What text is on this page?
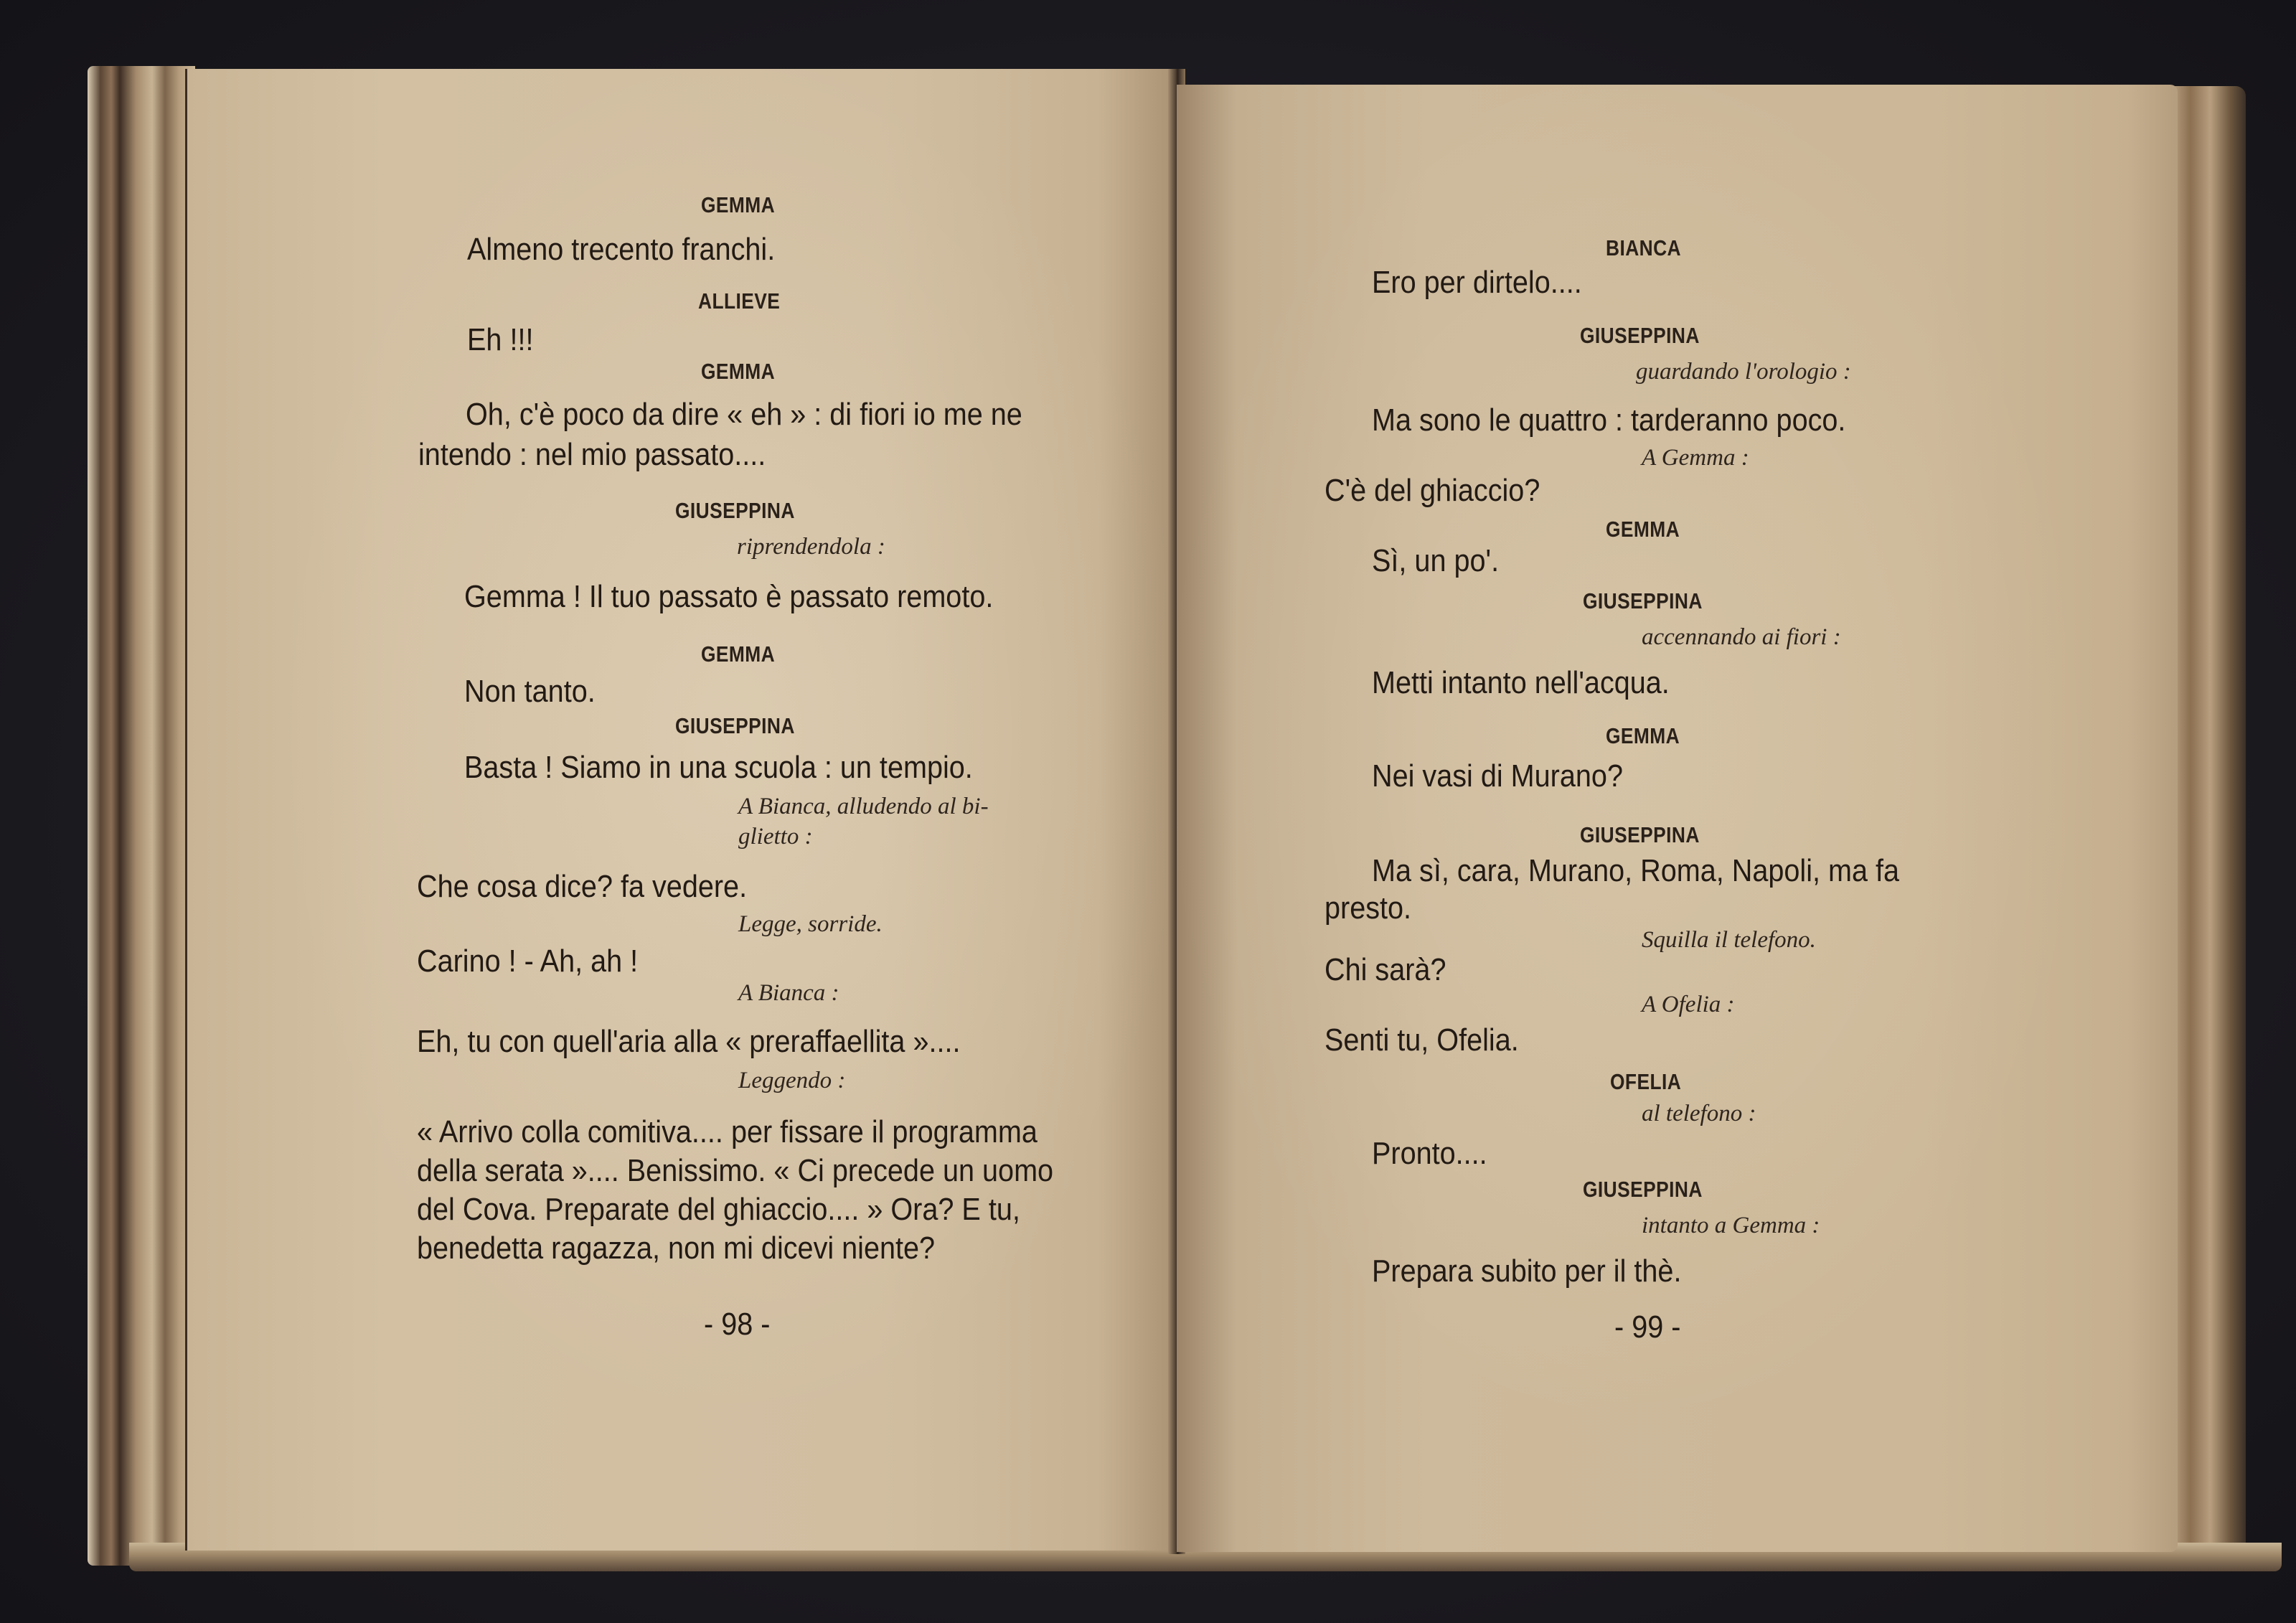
GEMMA
Almeno trecento franchi.
ALLIEVE
Eh !!!
GEMMA
Oh, c'è poco da dire « eh » : di fiori io me ne
intendo : nel mio passato....
GIUSEPPINA
riprendendola :
Gemma ! Il tuo passato è passato remoto.
GEMMA
Non tanto.
GIUSEPPINA
Basta ! Siamo in una scuola : un tempio.
A Bianca, alludendo al bi-
glietto :
Che cosa dice? fa vedere.
Legge, sorride.
Carino ! - Ah, ah !
A Bianca :
Eh, tu con quell'aria alla « preraffaellita »....
Leggendo :
« Arrivo colla comitiva.... per fissare il programma
della serata ».... Benissimo. « Ci precede un uomo
del Cova. Preparate del ghiaccio.... » Ora? E tu,
benedetta ragazza, non mi dicevi niente?
- 98 -
BIANCA
Ero per dirtelo....
GIUSEPPINA
guardando l'orologio :
Ma sono le quattro : tarderanno poco.
A Gemma :
C'è del ghiaccio?
GEMMA
Sì, un po'.
GIUSEPPINA
accennando ai fiori :
Metti intanto nell'acqua.
GEMMA
Nei vasi di Murano?
GIUSEPPINA
Ma sì, cara, Murano, Roma, Napoli, ma fa
presto.
Squilla il telefono.
Chi sarà?
A Ofelia :
Senti tu, Ofelia.
OFELIA
al telefono :
Pronto....
GIUSEPPINA
intanto a Gemma :
Prepara subito per il thè.
- 99 -
